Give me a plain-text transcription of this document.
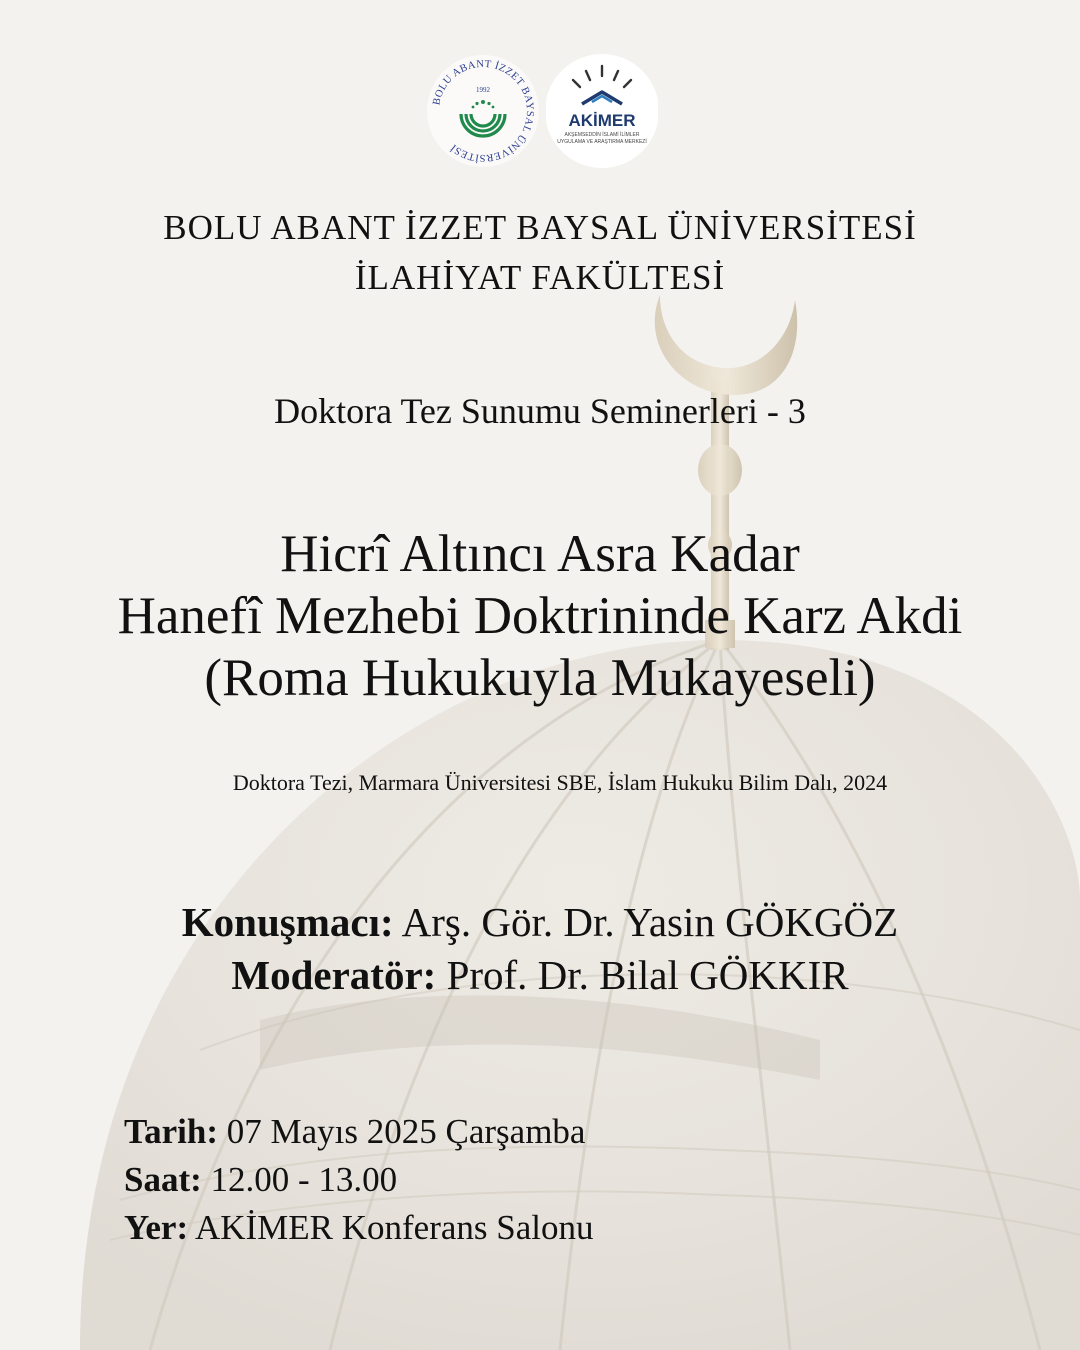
BOLU ABANT İZZET BAYSAL ÜNİVERSİTESİ
1992
AKİMER
AKŞEMSEDDİN İSLAMİ İLİMLER
UYGULAMA VE ARAŞTIRMA MERKEZİ
BOLU ABANT İZZET BAYSAL ÜNİVERSİTESİ
İLAHİYAT FAKÜLTESİ
Doktora Tez Sunumu Seminerleri - 3
Hicrî Altıncı Asra Kadar
Hanefî Mezhebi Doktrininde Karz Akdi
(Roma Hukukuyla Mukayeseli)
Doktora Tezi, Marmara Üniversitesi SBE, İslam Hukuku Bilim Dalı, 2024
Konuşmacı: Arş. Gör. Dr. Yasin GÖKGÖZ
Moderatör: Prof. Dr. Bilal GÖKKIR
Tarih: 07 Mayıs 2025 Çarşamba
Saat: 12.00 - 13.00
Yer: AKİMER Konferans Salonu
